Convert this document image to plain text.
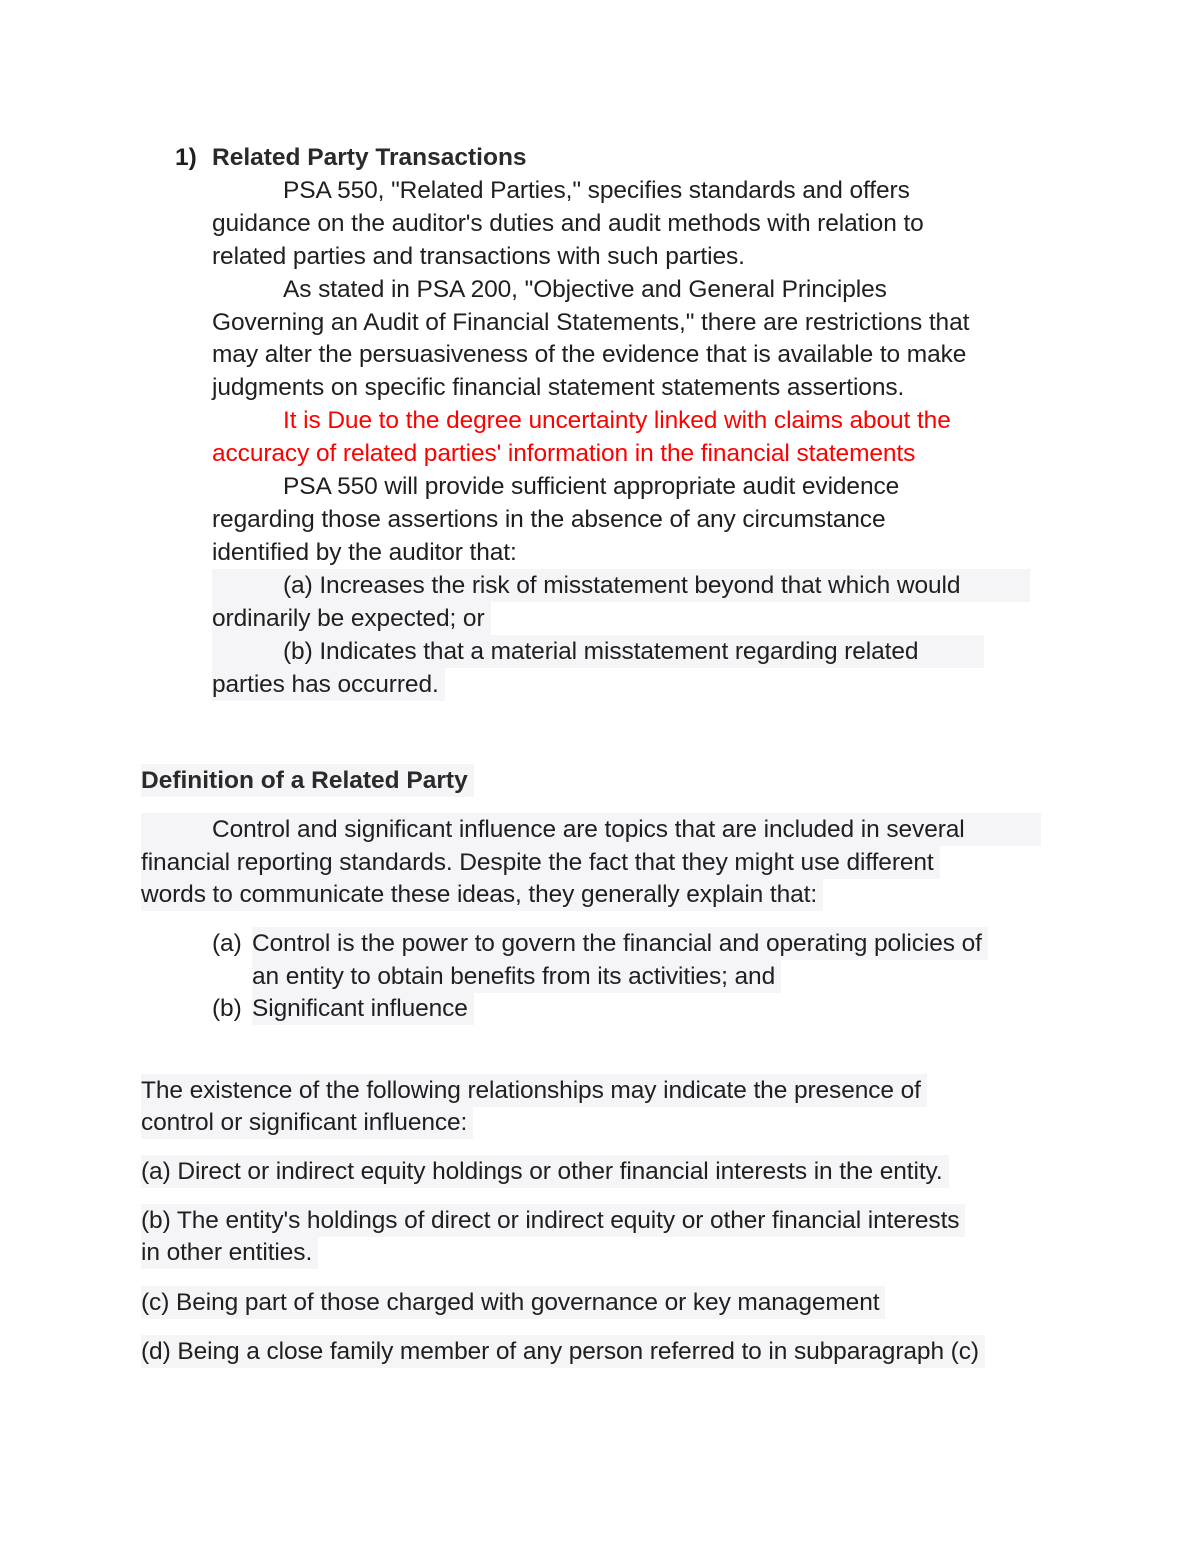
1) Related Party Transactions
PSA 550, "Related Parties," specifies standards and offers
guidance on the auditor's duties and audit methods with relation to
related parties and transactions with such parties.
As stated in PSA 200, "Objective and General Principles
Governing an Audit of Financial Statements," there are restrictions that
may alter the persuasiveness of the evidence that is available to make
judgments on specific financial statement statements assertions.
It is Due to the degree uncertainty linked with claims about the
accuracy of related parties' information in the financial statements
PSA 550 will provide sufficient appropriate audit evidence
regarding those assertions in the absence of any circumstance
identified by the auditor that:
(a) Increases the risk of misstatement beyond that which would
ordinarily be expected; or
(b) Indicates that a material misstatement regarding related
parties has occurred.
Definition of a Related Party
Control and significant influence are topics that are included in several
financial reporting standards. Despite the fact that they might use different
words to communicate these ideas, they generally explain that:
(a) Control is the power to govern the financial and operating policies of
an entity to obtain benefits from its activities; and
(b) Significant influence
The existence of the following relationships may indicate the presence of
control or significant influence:
(a) Direct or indirect equity holdings or other financial interests in the entity.
(b) The entity's holdings of direct or indirect equity or other financial interests
in other entities.
(c) Being part of those charged with governance or key management
(d) Being a close family member of any person referred to in subparagraph (c)
